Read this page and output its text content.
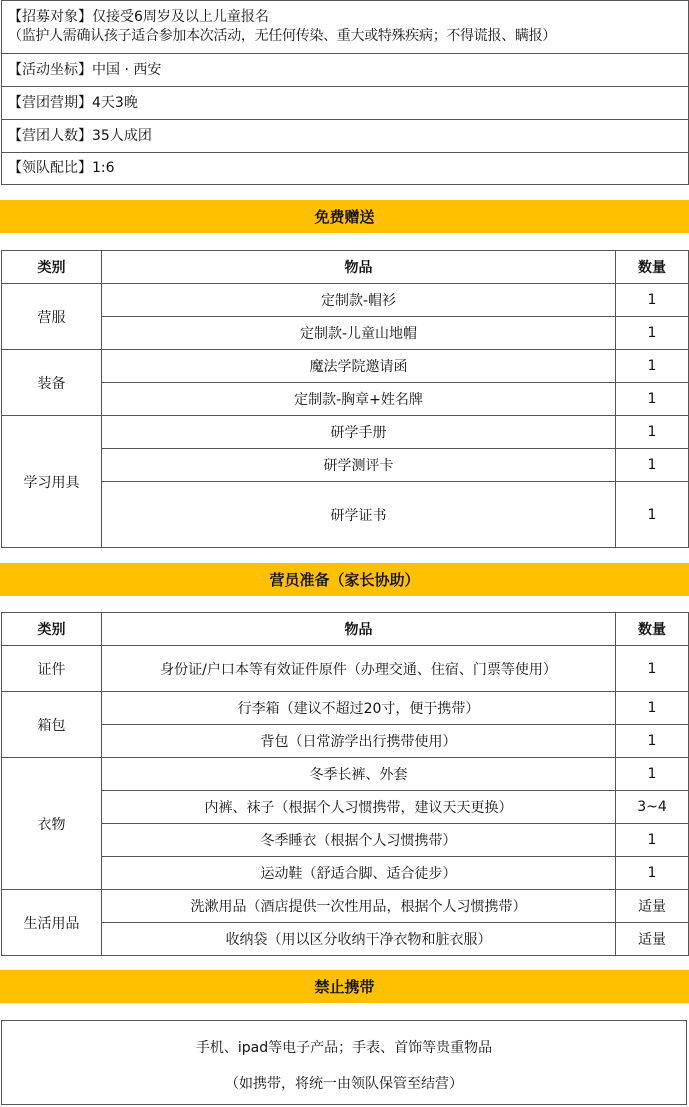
【招募对象】仅接受6周岁及以上儿童报名
（监护人需确认孩子适合参加本次活动，无任何传染、重大或特殊疾病；不得谎报、瞒报）
【活动坐标】中国 · 西安
【营团营期】4天3晚
【营团人数】35人成团
【领队配比】1:6
免费赠送
类别	物品	数量
营服	定制款-帽衫	1
	定制款-儿童山地帽	1
装备	魔法学院邀请函	1
	定制款-胸章+姓名牌	1
学习用具	研学手册	1
	研学测评卡	1
	研学证书	1
营员准备（家长协助）
类别	物品	数量
证件	身份证/户口本等有效证件原件（办理交通、住宿、门票等使用）	1
箱包	行李箱（建议不超过20寸，便于携带）	1
	背包（日常游学出行携带使用）	1
衣物	冬季长裤、外套	1
	内裤、袜子（根据个人习惯携带，建议天天更换）	3~4
	冬季睡衣（根据个人习惯携带）	1
	运动鞋（舒适合脚、适合徒步）	1
生活用品	洗漱用品（酒店提供一次性用品，根据个人习惯携带）	适量
	收纳袋（用以区分收纳干净衣物和脏衣服）	适量
禁止携带
手机、ipad等电子产品；手表、首饰等贵重物品
（如携带，将统一由领队保管至结营）
